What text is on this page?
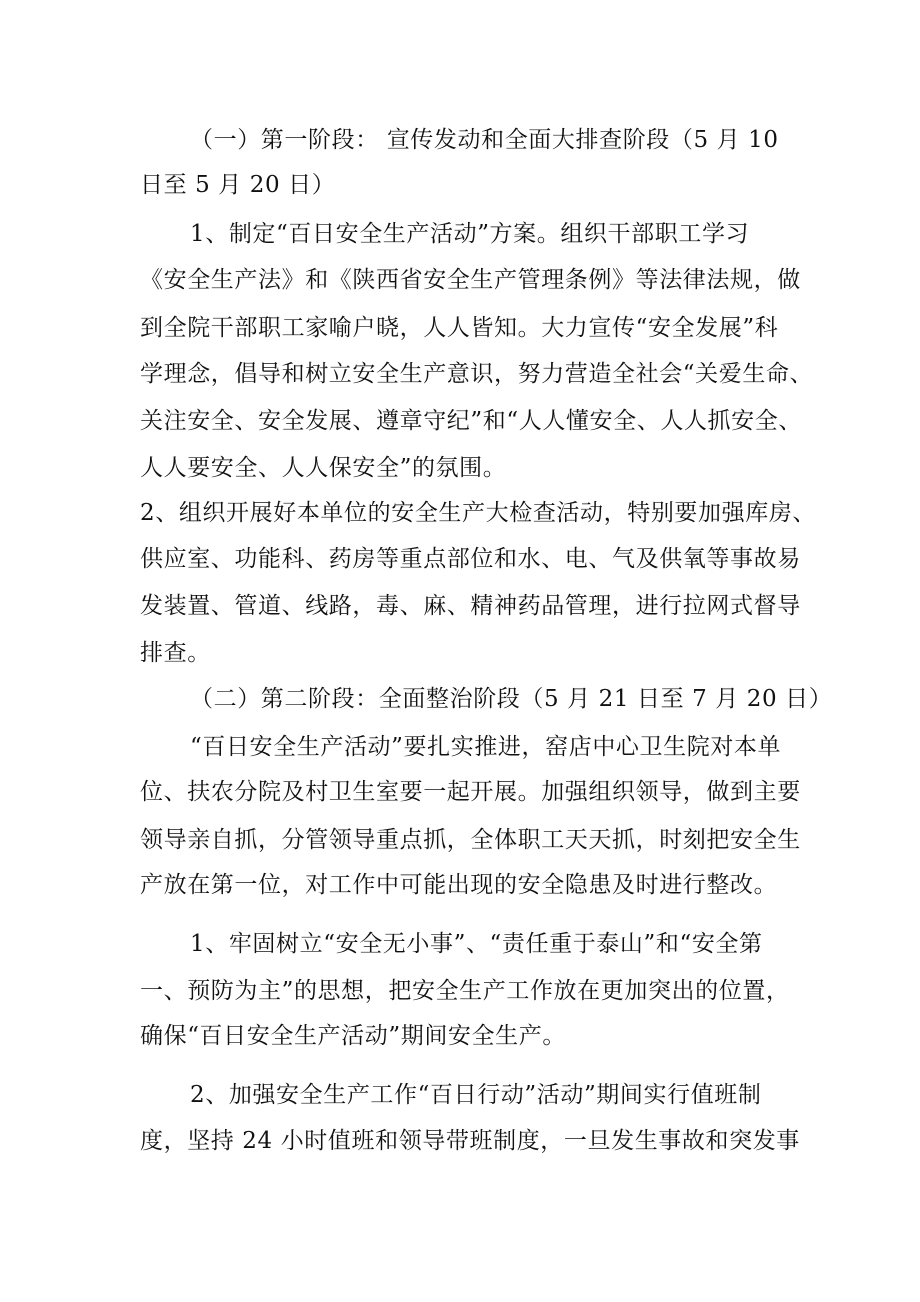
（一）第一阶段： 宣传发动和全面大排查阶段（5 月 10
日至 5 月 20 日）
1、制定“百日安全生产活动”方案。组织干部职工学习
《安全生产法》和《陕西省安全生产管理条例》等法律法规，做
到全院干部职工家喻户晓，人人皆知。大力宣传“安全发展”科
学理念，倡导和树立安全生产意识，努力营造全社会“关爱生命、
关注安全、安全发展、遵章守纪”和“人人懂安全、人人抓安全、
人人要安全、人人保安全”的氛围。
2、组织开展好本单位的安全生产大检查活动，特别要加强库房、
供应室、功能科、药房等重点部位和水、电、气及供氧等事故易
发装置、管道、线路，毒、麻、精神药品管理，进行拉网式督导
排查。
（二）第二阶段：全面整治阶段（5 月 21 日至 7 月 20 日）
“百日安全生产活动”要扎实推进，窑店中心卫生院对本单
位、扶农分院及村卫生室要一起开展。加强组织领导，做到主要
领导亲自抓，分管领导重点抓，全体职工天天抓，时刻把安全生
产放在第一位，对工作中可能出现的安全隐患及时进行整改。
1、牢固树立“安全无小事”、“责任重于泰山”和“安全第
一、预防为主”的思想，把安全生产工作放在更加突出的位置，
确保“百日安全生产活动”期间安全生产。
2、加强安全生产工作“百日行动”活动”期间实行值班制
度，坚持 24 小时值班和领导带班制度，一旦发生事故和突发事
